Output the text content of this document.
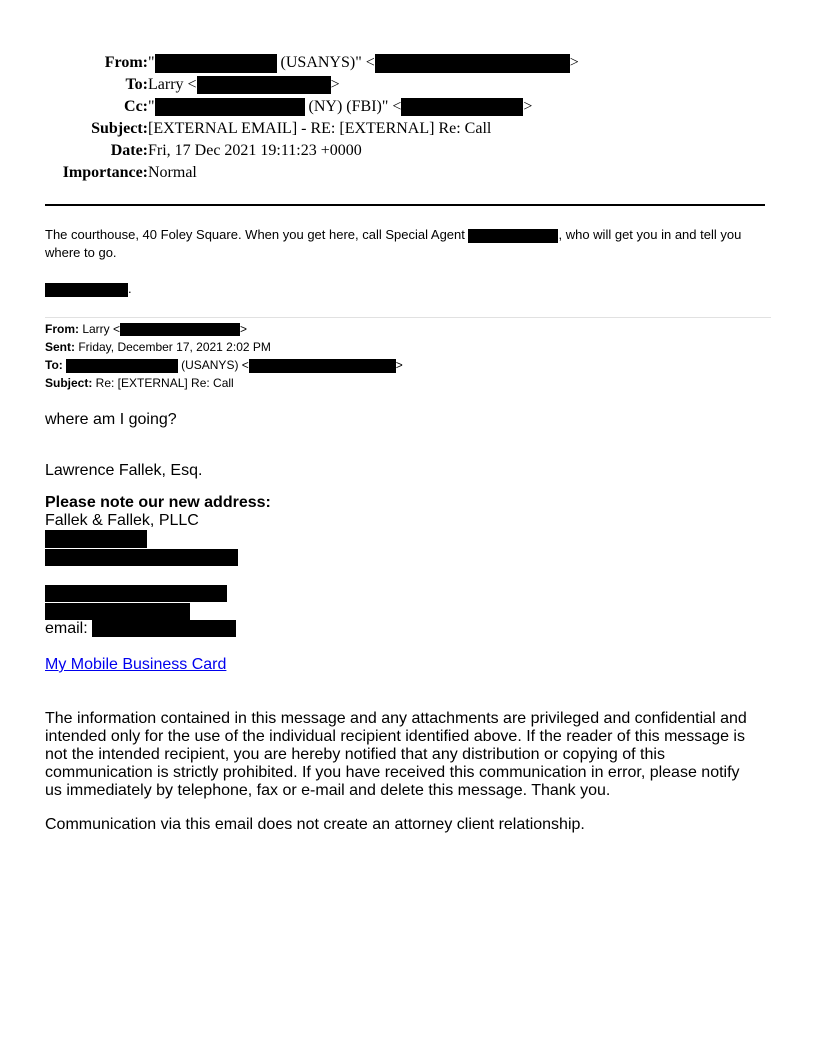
From: "	(USANYS)" <	>
To: Larry <	>
Cc: "	(NY) (FBI)" <	>
Subject: [EXTERNAL EMAIL] - RE: [EXTERNAL] Re: Call
Date: Fri, 17 Dec 2021 19:11:23 +0000
Importance: Normal
The courthouse, 40 Foley Square. When you get here, call Special Agent	, who will get you in and tell you where to go.
.
From: Larry <	>
Sent: Friday, December 17, 2021 2:02 PM
To:	(USANYS) <	>
Subject: Re: [EXTERNAL] Re: Call
where am I going?
Lawrence Fallek, Esq.
Please note our new address:
Fallek & Fallek, PLLC
email:
My Mobile Business Card
The information contained in this message and any attachments are privileged and confidential and intended only for the use of the individual recipient identified above. If the reader of this message is not the intended recipient, you are hereby notified that any distribution or copying of this communication is strictly prohibited. If you have received this communication in error, please notify us immediately by telephone, fax or e-mail and delete this message. Thank you.
Communication via this email does not create an attorney client relationship.
